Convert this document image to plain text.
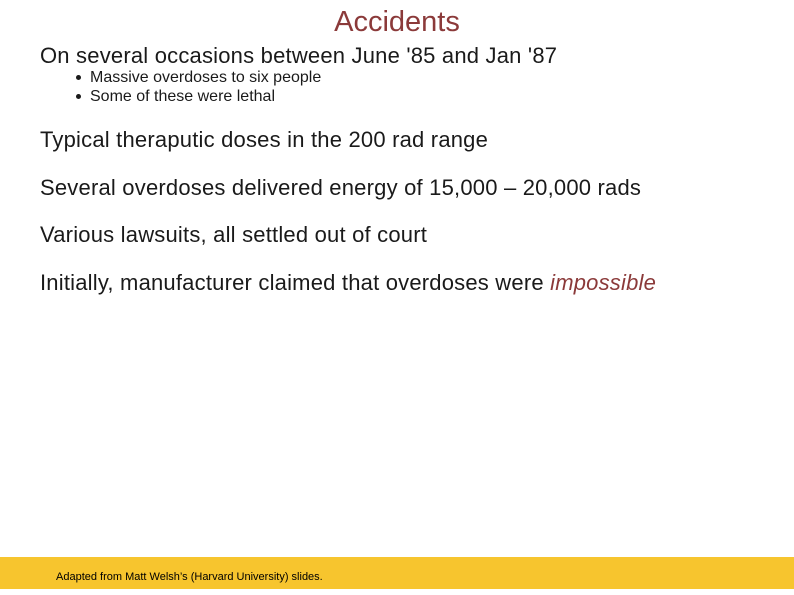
Accidents
On several occasions between June '85 and Jan '87
Massive overdoses to six people
Some of these were lethal
Typical theraputic doses in the 200 rad range
Several overdoses delivered energy of 15,000 – 20,000 rads
Various lawsuits, all settled out of court
Initially, manufacturer claimed that overdoses were impossible
Adapted from Matt Welsh’s (Harvard University) slides.
